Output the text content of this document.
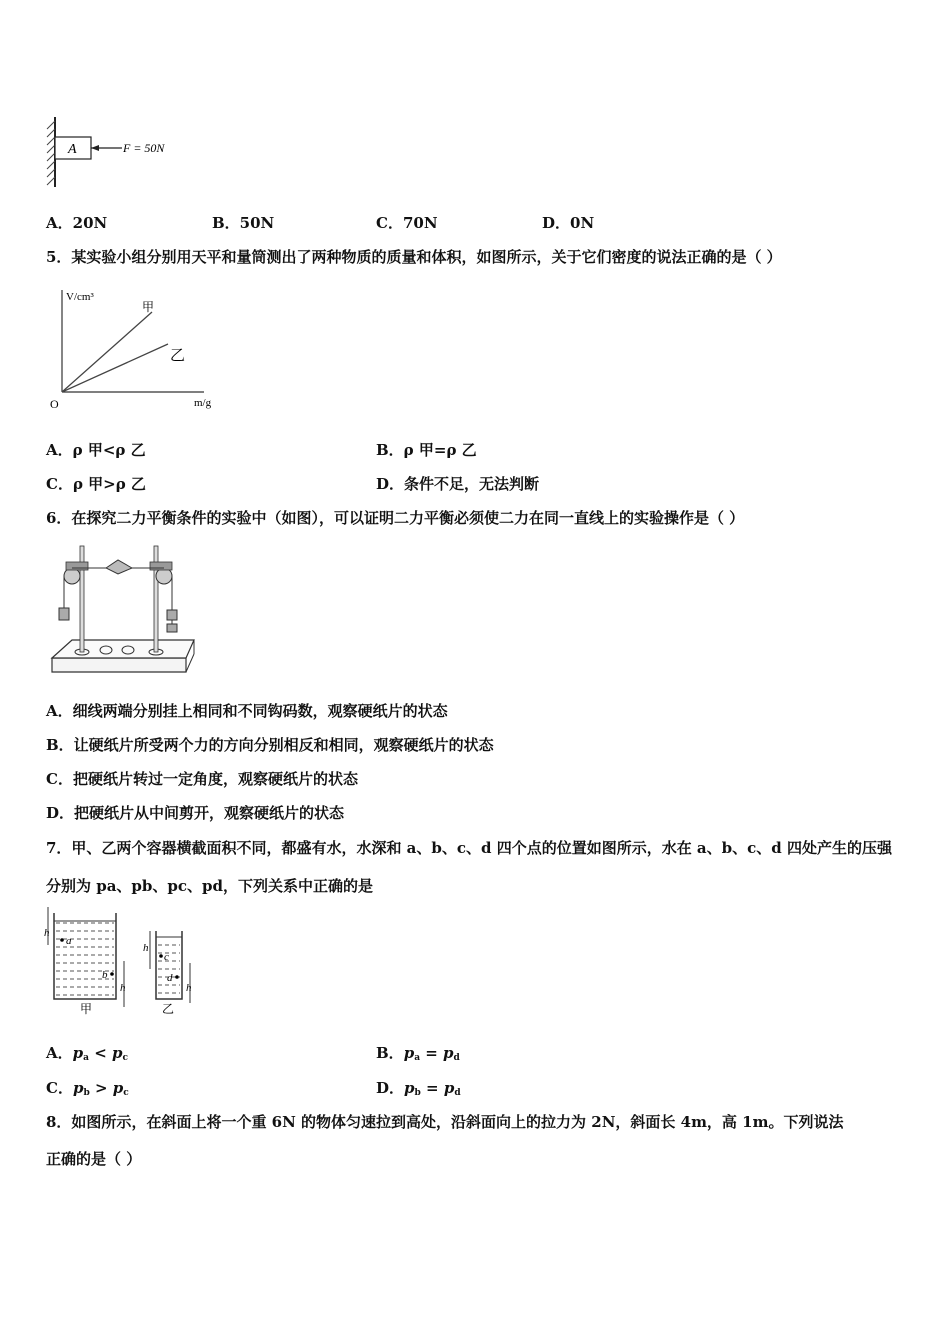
A	F = 50N
A．20N	B．50N	C．70N	D．0N
5．某实验小组分别用天平和量筒测出了两种物质的质量和体积，如图所示，关于它们密度的说法正确的是（ ）
V/cm³
m/g
O
甲
乙
A．ρ 甲<ρ 乙	B．ρ 甲=ρ 乙
C．ρ 甲>ρ 乙	D．条件不足，无法判断
6．在探究二力平衡条件的实验中（如图），可以证明二力平衡必须使二力在同一直线上的实验操作是（ ）
A．细线两端分别挂上相同和不同钩码数，观察硬纸片的状态
B．让硬纸片所受两个力的方向分别相反和相同，观察硬纸片的状态
C．把硬纸片转过一定角度，观察硬纸片的状态
D．把硬纸片从中间剪开，观察硬纸片的状态
7．甲、乙两个容器横截面积不同，都盛有水，水深和 a、b、c、d 四个点的位置如图所示，水在 a、b、c、d 四处产生的压强
分别为 pa、pb、pc、pd，下列关系中正确的是
h
a
b
h
甲
h
c
d
h
乙
A．$p_a < p_c$	B．$p_a = p_d$
C．$p_b > p_c$	D．$p_b = p_d$
8．如图所示，在斜面上将一个重 6N 的物体匀速拉到高处，沿斜面向上的拉力为 2N，斜面长 4m，高 1m。下列说法
正确的是（ ）
